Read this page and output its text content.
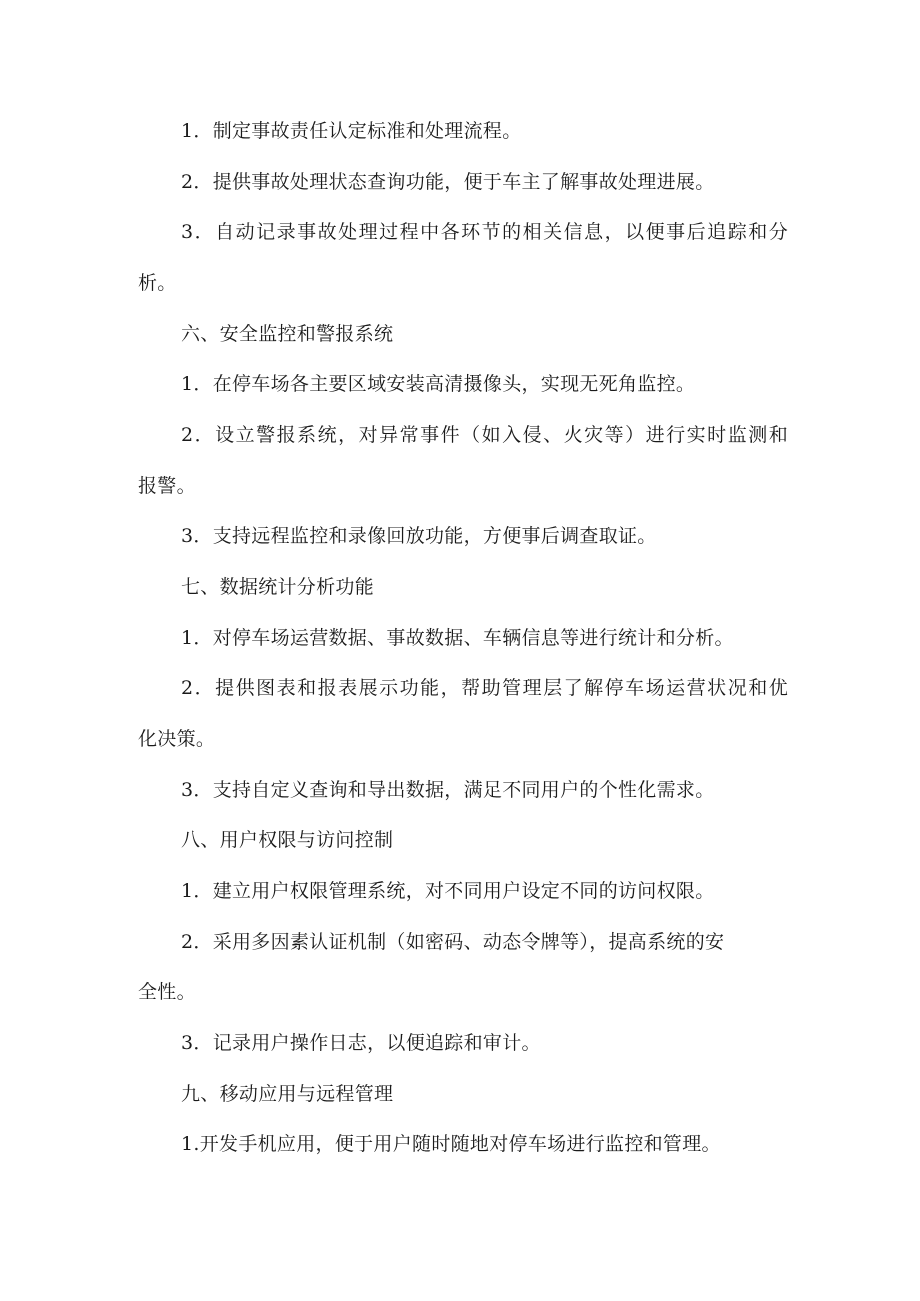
1．制定事故责任认定标准和处理流程。
2．提供事故处理状态查询功能，便于车主了解事故处理进展。
3．自动记录事故处理过程中各环节的相关信息，以便事后追踪和分
析。
六、安全监控和警报系统
1．在停车场各主要区域安装高清摄像头，实现无死角监控。
2．设立警报系统，对异常事件（如入侵、火灾等）进行实时监测和
报警。
3．支持远程监控和录像回放功能，方便事后调查取证。
七、数据统计分析功能
1．对停车场运营数据、事故数据、车辆信息等进行统计和分析。
2．提供图表和报表展示功能，帮助管理层了解停车场运营状况和优
化决策。
3．支持自定义查询和导出数据，满足不同用户的个性化需求。
八、用户权限与访问控制
1．建立用户权限管理系统，对不同用户设定不同的访问权限。
2．采用多因素认证机制（如密码、动态令牌等），提高系统的安
全性。
3．记录用户操作日志，以便追踪和审计。
九、移动应用与远程管理
1.开发手机应用，便于用户随时随地对停车场进行监控和管理。
